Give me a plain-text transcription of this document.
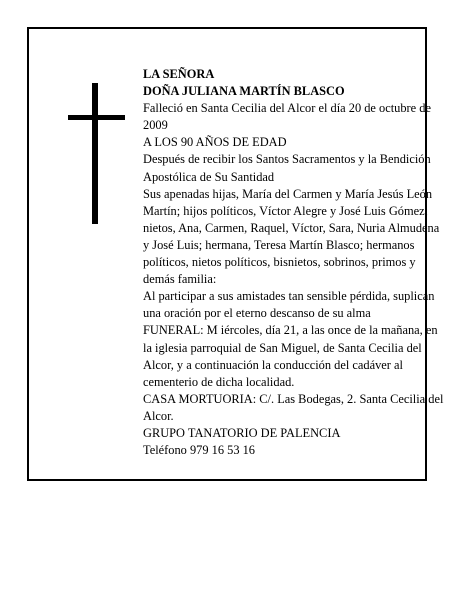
LA SEÑORA
DOÑA JULIANA MARTÍN BLASCO
Falleció en Santa Cecilia del Alcor el día 20 de octubre de 2009
A LOS 90 AÑOS DE EDAD
Después de recibir los Santos Sacramentos y la Bendición Apostólica de Su Santidad
Sus apenadas hijas, María del Carmen y María Jesús León Martín; hijos políticos, Víctor Alegre y José Luis Gómez; nietos, Ana, Carmen, Raquel, Víctor, Sara, Nuria Almudena y José Luis; hermana, Teresa Martín Blasco; hermanos políticos, nietos políticos, bisnietos, sobrinos, primos y demás familia:
Al participar a sus amistades tan sensible pérdida, suplican una oración por el eterno descanso de su alma
FUNERAL: M iércoles, día 21, a las once de la mañana, en la iglesia parroquial de San Miguel, de Santa Cecilia del Alcor, y a continuación la conducción del cadáver al cementerio de dicha localidad.
CASA MORTUORIA: C/. Las Bodegas, 2. Santa Cecilia del Alcor.
GRUPO TANATORIO DE PALENCIA
Teléfono 979 16 53 16
